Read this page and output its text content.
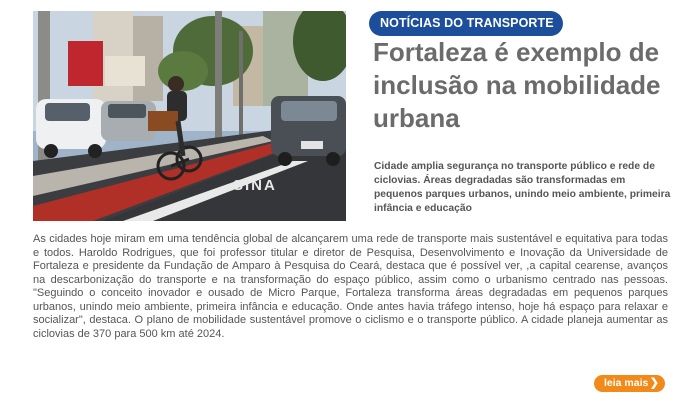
SINA
NOTÍCIAS DO TRANSPORTE
Fortaleza é exemplo de inclusão na mobilidade urbana

Cidade amplia segurança no transporte público e rede de ciclovias. Áreas degradadas são transformadas em pequenos parques urbanos, unindo meio ambiente, primeira infância e educação

As cidades hoje miram em uma tendência global de alcançarem uma rede de transporte mais sustentável e equitativa para todas e todos. Haroldo Rodrigues, que foi professor titular e diretor de Pesquisa, Desenvolvimento e Inovação da Universidade de Fortaleza e presidente da Fundação de Amparo à Pesquisa do Ceará, destaca que é possível ver, ,a capital cearense, avanços na descarbonização do transporte e na transformação do espaço público, assim como o urbanismo centrado nas pessoas. "Seguindo o conceito inovador e ousado de Micro Parque, Fortaleza transforma áreas degradadas em pequenos parques urbanos, unindo meio ambiente, primeira infância e educação. Onde antes havia tráfego intenso, hoje há espaço para relaxar e socializar", destaca. O plano de mobilidade sustentável promove o ciclismo e o transporte público. A cidade planeja aumentar as ciclovias de 370 para 500 km até 2024.

leia mais ❯
